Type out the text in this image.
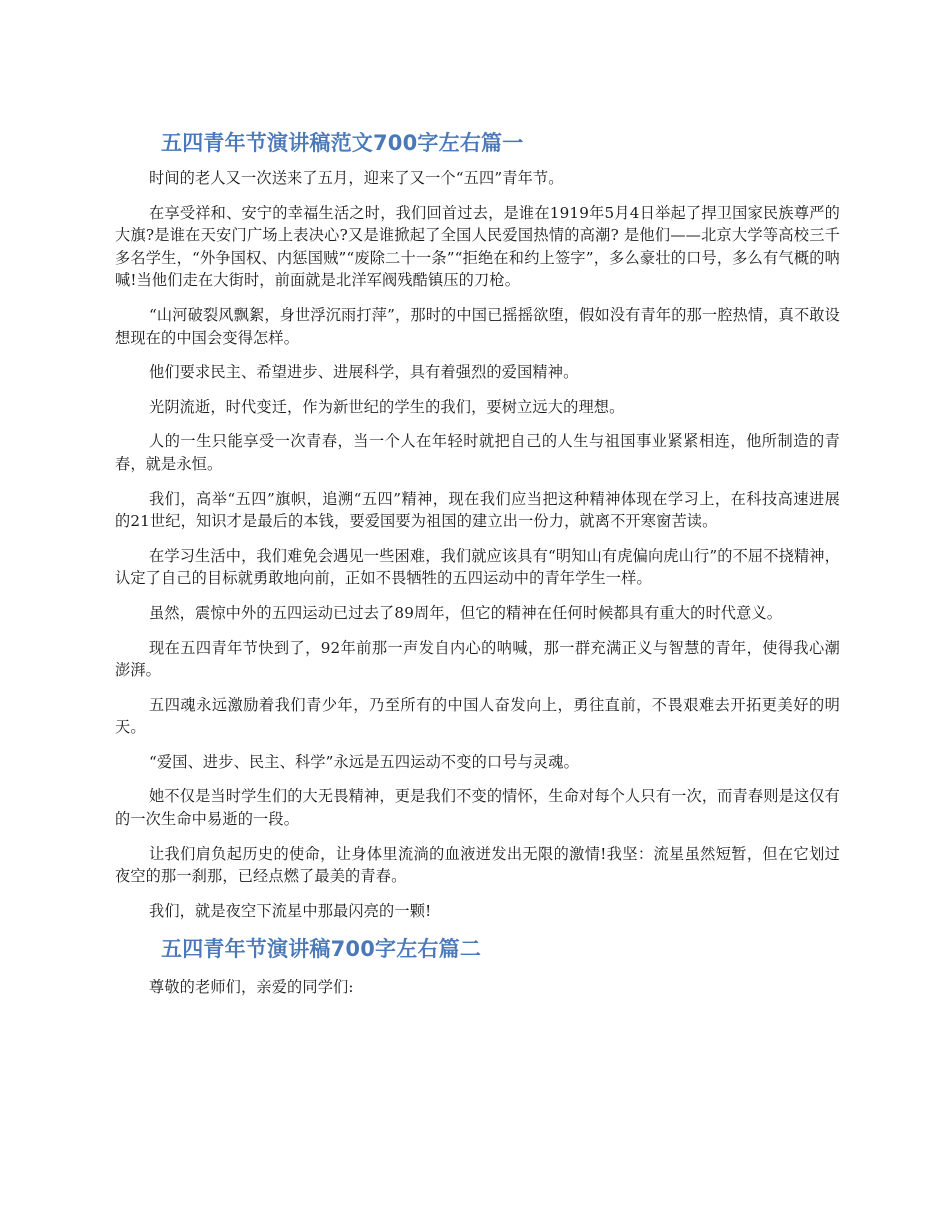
五四青年节演讲稿范文700字左右篇一

时间的老人又一次送来了五月，迎来了又一个“五四”青年节。

在享受祥和、安宁的幸福生活之时，我们回首过去，是谁在1919年5月4日举起了捍卫国家民族尊严的大旗?是谁在天安门广场上表决心?又是谁掀起了全国人民爱国热情的高潮? 是他们——北京大学等高校三千多名学生，“外争国权、内惩国贼”“废除二十一条”“拒绝在和约上签字”，多么豪壮的口号，多么有气概的呐喊!当他们走在大街时，前面就是北洋军阀残酷镇压的刀枪。

“山河破裂风飘絮，身世浮沉雨打萍”，那时的中国已摇摇欲堕，假如没有青年的那一腔热情，真不敢设想现在的中国会变得怎样。

他们要求民主、希望进步、进展科学，具有着强烈的爱国精神。

光阴流逝，时代变迁，作为新世纪的学生的我们，要树立远大的理想。

人的一生只能享受一次青春，当一个人在年轻时就把自己的人生与祖国事业紧紧相连，他所制造的青春，就是永恒。

我们，高举“五四”旗帜，追溯“五四”精神，现在我们应当把这种精神体现在学习上，在科技高速进展的21世纪，知识才是最后的本钱，要爱国要为祖国的建立出一份力，就离不开寒窗苦读。

在学习生活中，我们难免会遇见一些困难，我们就应该具有“明知山有虎偏向虎山行”的不屈不挠精神，认定了自己的目标就勇敢地向前，正如不畏牺牲的五四运动中的青年学生一样。

虽然，震惊中外的五四运动已过去了89周年，但它的精神在任何时候都具有重大的时代意义。

现在五四青年节快到了，92年前那一声发自内心的呐喊，那一群充满正义与智慧的青年，使得我心潮澎湃。

五四魂永远激励着我们青少年，乃至所有的中国人奋发向上，勇往直前，不畏艰难去开拓更美好的明天。

“爱国、进步、民主、科学”永远是五四运动不变的口号与灵魂。

她不仅是当时学生们的大无畏精神，更是我们不变的情怀，生命对每个人只有一次，而青春则是这仅有的一次生命中易逝的一段。

让我们肩负起历史的使命，让身体里流淌的血液迸发出无限的激情!我坚：流星虽然短暂，但在它划过夜空的那一刹那，已经点燃了最美的青春。

我们，就是夜空下流星中那最闪亮的一颗!

五四青年节演讲稿700字左右篇二

尊敬的老师们，亲爱的同学们:
